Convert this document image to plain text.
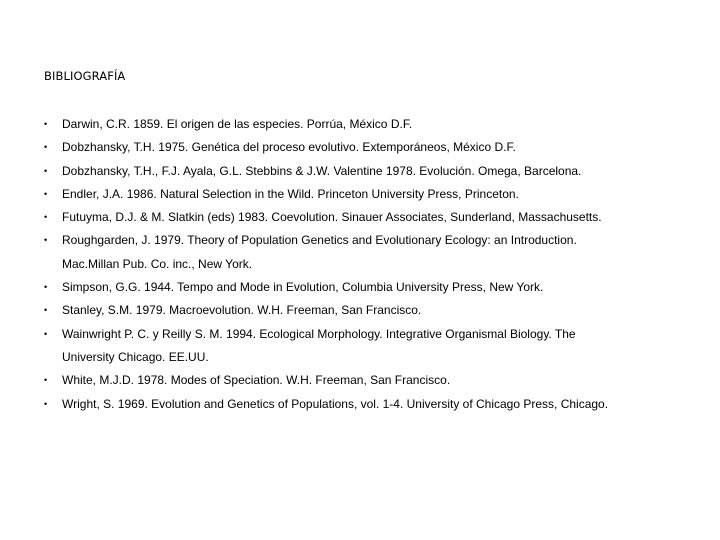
BIBLIOGRAFÍA
• Darwin, C.R. 1859. El origen de las especies. Porrúa, México D.F.
• Dobzhansky, T.H. 1975. Genética del proceso evolutivo. Extemporáneos, México D.F.
• Dobzhansky, T.H., F.J. Ayala, G.L. Stebbins & J.W. Valentine 1978. Evolución. Omega, Barcelona.
• Endler, J.A. 1986. Natural Selection in the Wild. Princeton University Press, Princeton.
• Futuyma, D.J. & M. Slatkin (eds) 1983. Coevolution. Sinauer Associates, Sunderland, Massachusetts.
• Roughgarden, J. 1979. Theory of Population Genetics and Evolutionary Ecology: an Introduction.
Mac.Millan Pub. Co. inc., New York.
• Simpson, G.G. 1944. Tempo and Mode in Evolution, Columbia University Press, New York.
• Stanley, S.M. 1979. Macroevolution. W.H. Freeman, San Francisco.
• Wainwright P. C. y Reilly S. M. 1994. Ecological Morphology. Integrative Organismal Biology. The
University Chicago. EE.UU.
• White, M.J.D. 1978. Modes of Speciation. W.H. Freeman, San Francisco.
• Wright, S. 1969. Evolution and Genetics of Populations, vol. 1-4. University of Chicago Press, Chicago.
